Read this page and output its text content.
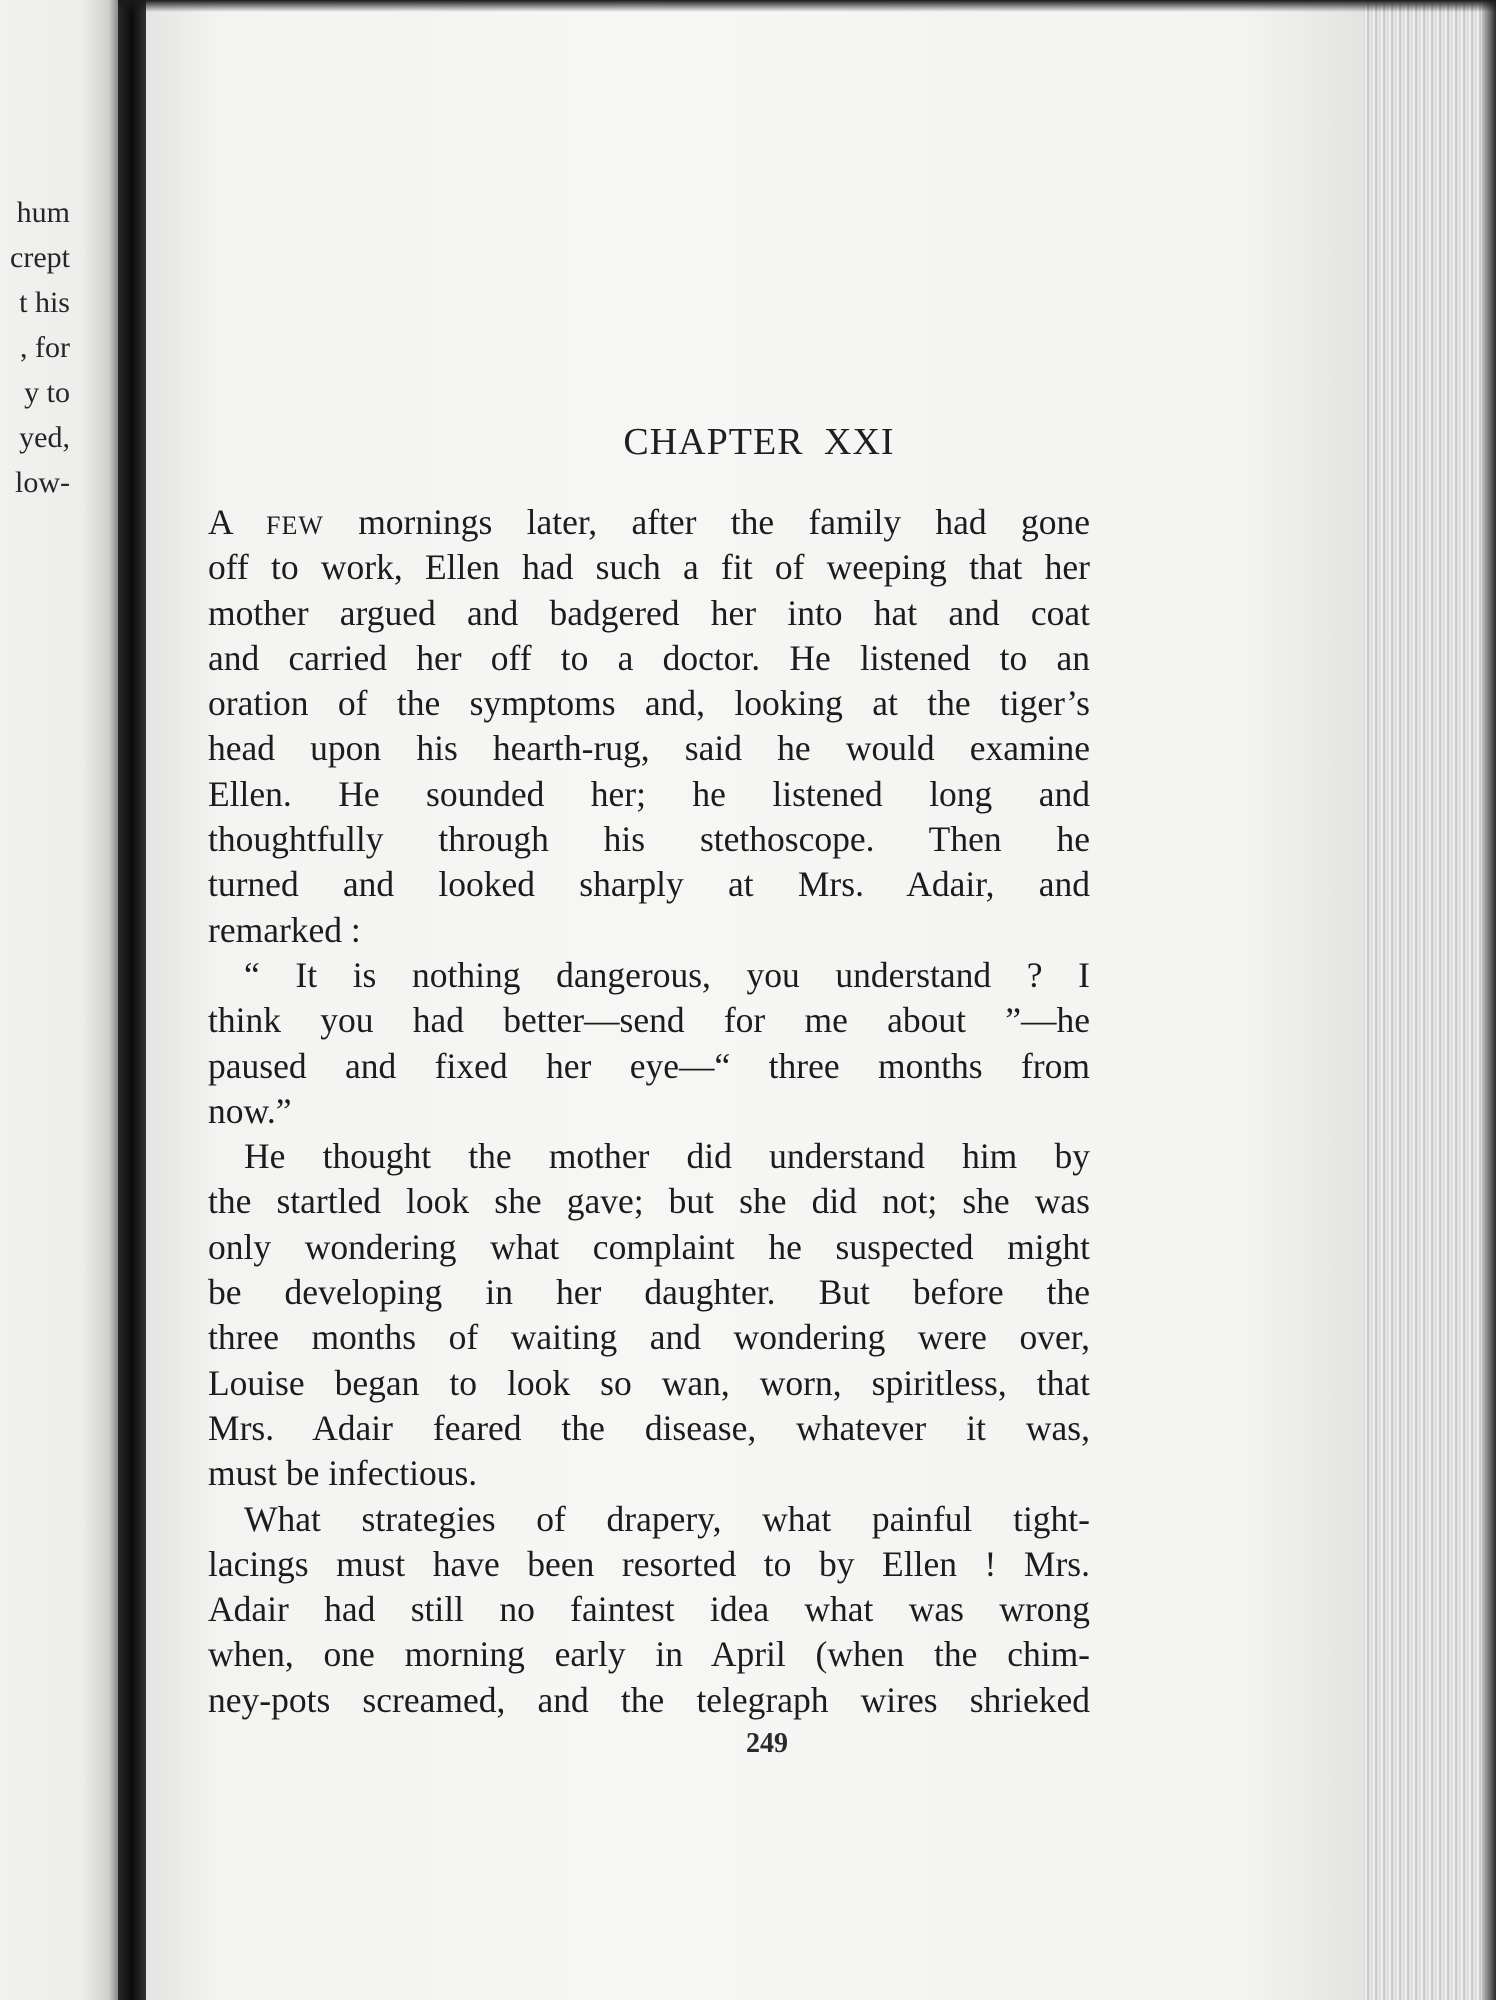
hum
crept
t his
, for
y to
yed,
low-
CHAPTER XXI
A FEW mornings later, after the family had gone
off to work, Ellen had such a fit of weeping that her
mother argued and badgered her into hat and coat
and carried her off to a doctor. He listened to an
oration of the symptoms and, looking at the tiger’s
head upon his hearth-rug, said he would examine
Ellen. He sounded her; he listened long and
thoughtfully through his stethoscope. Then he
turned and looked sharply at Mrs. Adair, and
remarked :
“ It is nothing dangerous, you understand ? I
think you had better—send for me about ”—he
paused and fixed her eye—“ three months from
now.”
He thought the mother did understand him by
the startled look she gave; but she did not; she was
only wondering what complaint he suspected might
be developing in her daughter. But before the
three months of waiting and wondering were over,
Louise began to look so wan, worn, spiritless, that
Mrs. Adair feared the disease, whatever it was,
must be infectious.
What strategies of drapery, what painful tight-
lacings must have been resorted to by Ellen ! Mrs.
Adair had still no faintest idea what was wrong
when, one morning early in April (when the chim-
ney-pots screamed, and the telegraph wires shrieked
249
